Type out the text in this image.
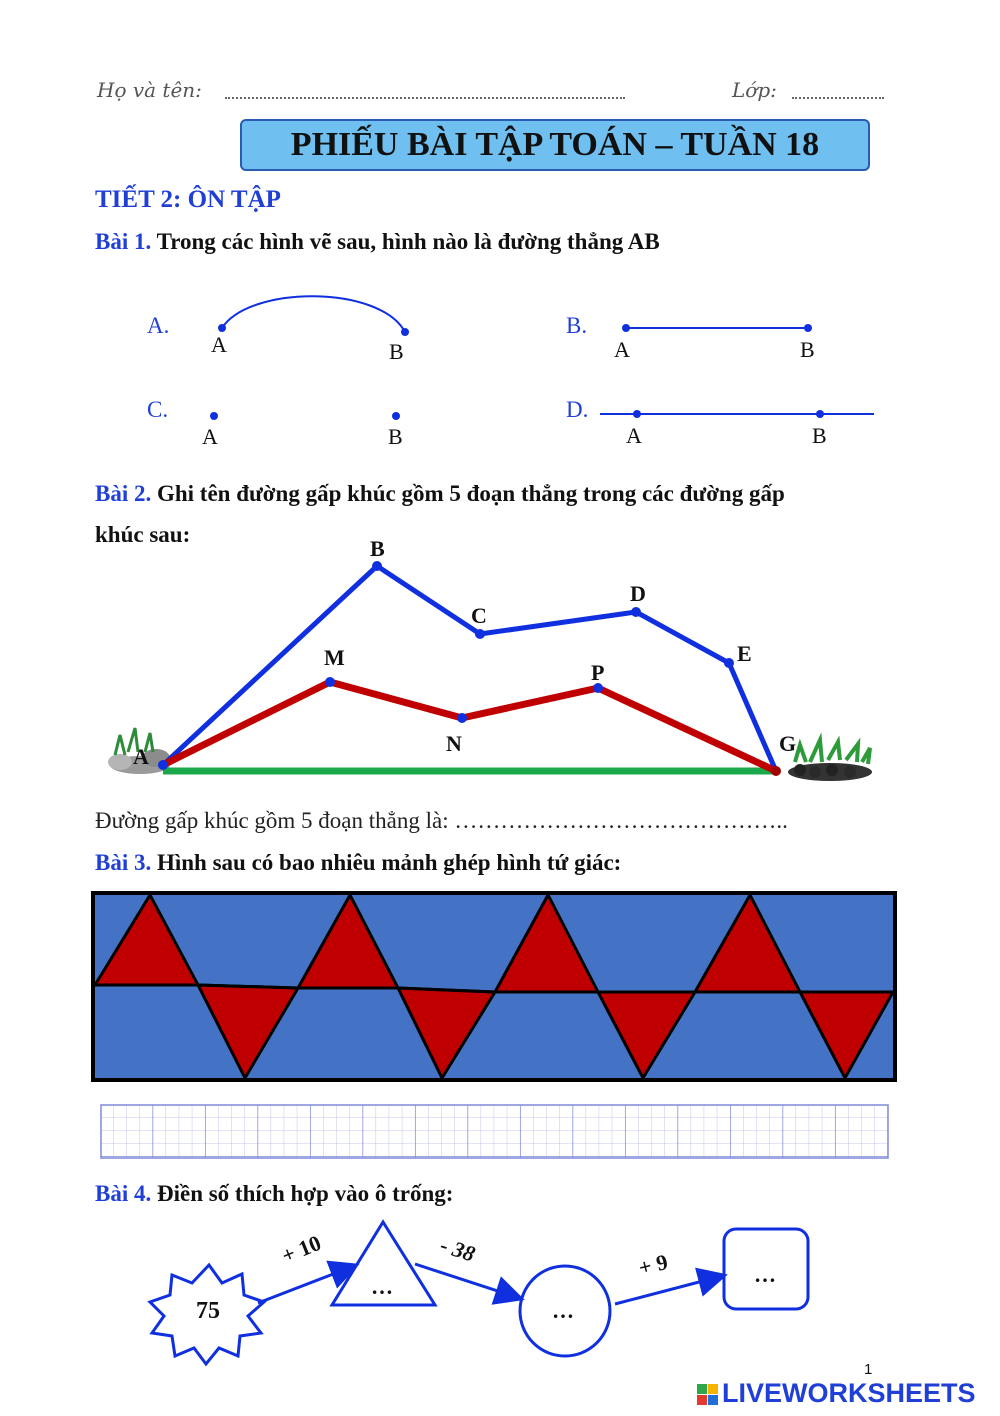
Họ và tên:	Lớp:
PHIẾU BÀI TẬP TOÁN – TUẦN 18
TIẾT 2: ÔN TẬP
Bài 1. Trong các hình vẽ sau, hình nào là đường thẳng AB
A.
A	B
B.
A	B
C.
A	B
D.
A	B
Bài 2. Ghi tên đường gấp khúc gồm 5 đoạn thẳng trong các đường gấp
khúc sau:
A
B
C
D
E
G
M
N
P
Đường gấp khúc gồm 5 đoạn thẳng là: ……………………………………..
Bài 3. Hình sau có bao nhiêu mảnh ghép hình tứ giác:
Bài 4. Điền số thích hợp vào ô trống:
75
+ 10	- 38	+ 9
…
…
…
1
LIVEWORKSHEETS
